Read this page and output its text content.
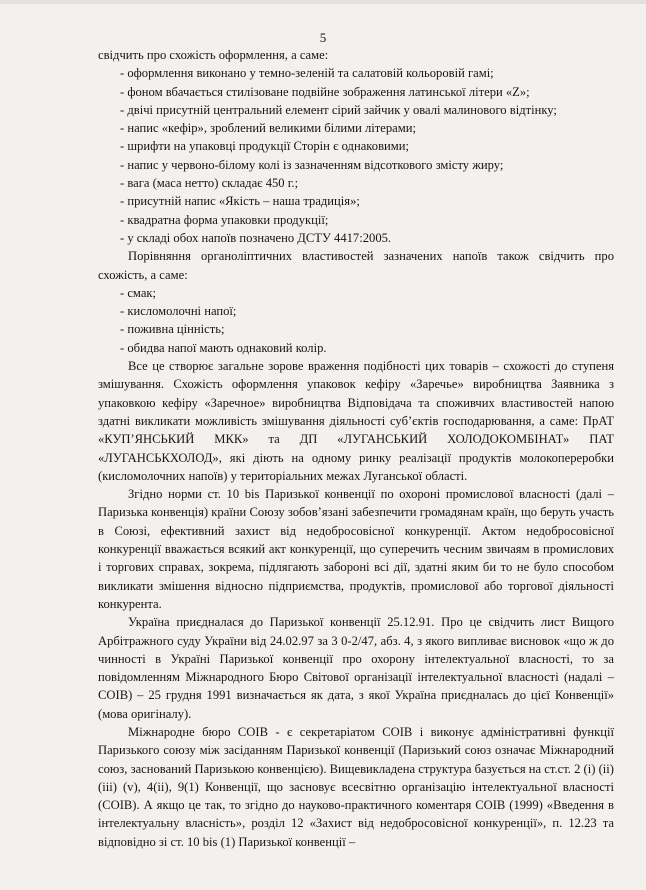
5

свідчить про схожість оформлення, а саме:

- оформлення виконано у темно-зеленій та салатовій кольоровій гамі;

- фоном вбачається стилізоване подвійне зображення латинської літери «Z»;

- двічі присутній центральний елемент сірий зайчик у овалі малинового відтінку;

- напис «кефір», зроблений великими білими літерами;

- шрифти на упаковці продукції Сторін є однаковими;

- напис у червоно-білому колі із зазначенням відсоткового змісту жиру;

- вага (маса нетто) складає 450 г.;

- присутній напис «Якість – наша традиція»;

- квадратна форма упаковки продукції;

- у складі обох напоїв позначено ДСТУ 4417:2005.

Порівняння органолiптичних властивостей зазначених напоїв також свідчить про схожість, а саме:

- смак;

- кисломолочні напої;

- поживна цінність;

- обидва напої мають однаковий колір.

Все це створює загальне зорове враження подібності цих товарів – схожості до ступеня змішування. Схожість оформлення упаковок кефіру «Заречье» виробництва Заявника з упаковкою кефіру «Заречное» виробництва Відповідача та споживчих властивостей напою здатні викликати можливість змішування діяльності суб’єктів господарювання, а саме: ПрАТ «КУП’ЯНСЬКИЙ МКК» та ДП «ЛУГАНСЬКИЙ ХОЛОДОКОМБІНАТ» ПАТ «ЛУГАНСЬКХОЛОД», які діють на одному ринку реалізації продуктів молокопереробки (кисломолочних напоїв) у територіальних межах Луганської області.

Згідно норми ст. 10 bis Паризької конвенції по охороні промислової власності (далі – Паризька конвенція) країни Союзу зобов’язані забезпечити громадянам країн, що беруть участь в Союзі, ефективний захист від недобросовісної конкуренції. Актом недобросовісної конкуренції вважається всякий акт конкуренції, що суперечить чесним звичаям в промислових і торгових справах, зокрема, підлягають забороні всі дії, здатні яким би то не було способом викликати змішення відносно підприємства, продуктів, промислової або торгової діяльності конкурента.

Україна приєдналася до Паризької конвенції 25.12.91. Про це свідчить лист Вищого Арбітражного суду України від 24.02.97 за 3 0-2/47, абз. 4, з якого випливає висновок «що ж до чинності в Україні Паризької конвенції про охорону інтелектуальної власності, то за повідомленням Міжнародного Бюро Світової організації інтелектуальної власності (надалі – СОІВ) – 25 грудня 1991 визначається як дата, з якої Україна приєдналась до цієї Конвенції» (мова оригіналу).

Міжнародне бюро СОІВ - є секретаріатом СОІВ і виконує адміністративні функції Паризького союзу між засіданням Паризької конвенції (Паризький союз означає Міжнародний союз, заснований Паризькою конвенцією). Вищевикладена структура базується на ст.ст. 2 (і) (іі) (ііі) (v), 4(іі), 9(1) Конвенції, що засновує всесвітню організацію інтелектуальної власності (СОІВ). А якщо це так, то згідно до науково-практичного коментаря СОІВ (1999) «Введення в інтелектуальну власність», розділ 12 «Захист від недобросовісної конкуренції», п. 12.23 та відповідно зі ст. 10 bis (1) Паризької конвенції –
